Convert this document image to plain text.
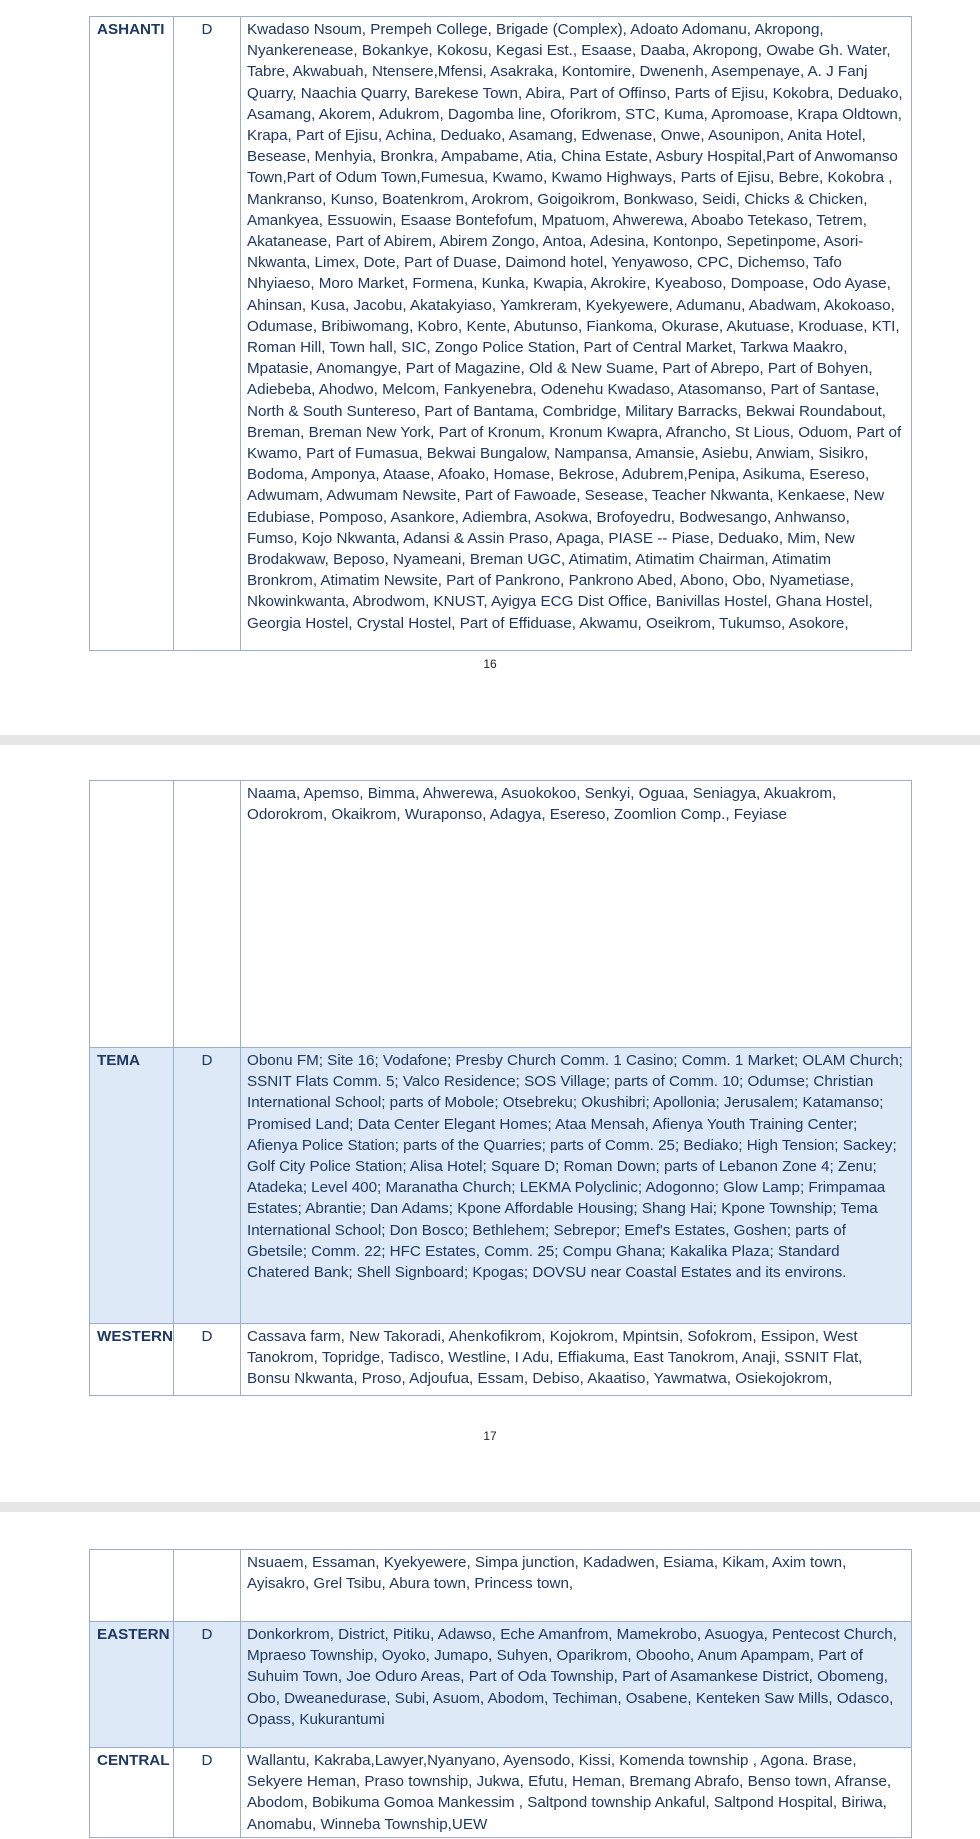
ASHANTI	D	Kwadaso Nsoum, Prempeh College, Brigade (Complex), Adoato Adomanu, Akropong, Nyankerenease, Bokankye, Kokosu, Kegasi Est., Esaase, Daaba, Akropong, Owabe Gh. Water, Tabre, Akwabuah, Ntensere,Mfensi, Asakraka, Kontomire, Dwenenh, Asempenaye, A. J Fanj Quarry, Naachia Quarry, Barekese Town, Abira, Part of Offinso, Parts of Ejisu, Kokobra, Deduako, Asamang, Akorem, Adukrom, Dagomba line, Oforikrom, STC, Kuma, Apromoase, Krapa Oldtown, Krapa, Part of Ejisu, Achina, Deduako, Asamang, Edwenase, Onwe, Asounipon, Anita Hotel, Besease, Menhyia, Bronkra, Ampabame, Atia, China Estate, Asbury Hospital,Part of Anwomanso Town,Part of Odum Town,Fumesua, Kwamo, Kwamo Highways, Parts of Ejisu, Bebre, Kokobra , Mankranso, Kunso, Boatenkrom, Arokrom, Goigoikrom, Bonkwaso, Seidi, Chicks & Chicken, Amankyea, Essuowin, Esaase Bontefofum, Mpatuom, Ahwerewa, Aboabo Tetekaso, Tetrem, Akatanease, Part of Abirem, Abirem Zongo, Antoa, Adesina, Kontonpo, Sepetinpome, Asori-Nkwanta, Limex, Dote, Part of Duase, Daimond hotel, Yenyawoso, CPC, Dichemso, Tafo Nhyiaeso, Moro Market, Formena, Kunka, Kwapia, Akrokire, Kyeaboso, Dompoase, Odo Ayase, Ahinsan, Kusa, Jacobu, Akatakyiaso, Yamkreram, Kyekyewere, Adumanu, Abadwam, Akokoaso, Odumase, Bribiwomang, Kobro, Kente, Abutunso, Fiankoma, Okurase, Akutuase, Kroduase, KTI, Roman Hill, Town hall, SIC, Zongo Police Station, Part of Central Market, Tarkwa Maakro, Mpatasie, Anomangye, Part of Magazine, Old & New Suame, Part of Abrepo, Part of Bohyen, Adiebeba, Ahodwo, Melcom, Fankyenebra, Odenehu Kwadaso, Atasomanso, Part of Santase, North & South Suntereso, Part of Bantama, Combridge, Military Barracks, Bekwai Roundabout, Breman, Breman New York, Part of Kronum, Kronum Kwapra, Afrancho, St Lious, Oduom, Part of Kwamo, Part of Fumasua, Bekwai Bungalow, Nampansa, Amansie, Asiebu, Anwiam, Sisikro, Bodoma, Amponya, Ataase, Afoako, Homase, Bekrose, Adubrem,Penipa, Asikuma, Esereso, Adwumam, Adwumam Newsite, Part of Fawoade, Sesease, Teacher Nkwanta, Kenkaese, New Edubiase, Pomposo, Asankore, Adiembra, Asokwa, Brofoyedru, Bodwesango, Anhwanso, Fumso, Kojo Nkwanta, Adansi & Assin Praso, Apaga, PIASE -- Piase, Deduako, Mim, New Brodakwaw, Beposo, Nyameani, Breman UGC, Atimatim, Atimatim Chairman, Atimatim Bronkrom, Atimatim Newsite, Part of Pankrono, Pankrono Abed, Abono, Obo, Nyametiase, Nkowinkwanta, Abrodwom, KNUST, Ayigya ECG Dist Office, Banivillas Hostel, Ghana Hostel, Georgia Hostel, Crystal Hostel, Part of Effiduase, Akwamu, Oseikrom, Tukumso, Asokore,
16
		Naama, Apemso, Bimma, Ahwerewa, Asuokokoo, Senkyi, Oguaa, Seniagya, Akuakrom, Odorokrom, Okaikrom, Wuraponso, Adagya, Esereso, Zoomlion Comp., Feyiase
TEMA	D	Obonu FM; Site 16; Vodafone; Presby Church Comm. 1 Casino; Comm. 1 Market; OLAM Church; SSNIT Flats Comm. 5; Valco Residence; SOS Village; parts of Comm. 10; Odumse; Christian International School; parts of Mobole; Otsebreku; Okushibri; Apollonia; Jerusalem; Katamanso; Promised Land; Data Center Elegant Homes; Ataa Mensah, Afienya Youth Training Center; Afienya Police Station; parts of the Quarries; parts of Comm. 25; Bediako; High Tension; Sackey; Golf City Police Station; Alisa Hotel; Square D; Roman Down; parts of Lebanon Zone 4; Zenu; Atadeka; Level 400; Maranatha Church; LEKMA Polyclinic; Adogonno; Glow Lamp; Frimpamaa Estates; Abrantie; Dan Adams; Kpone Affordable Housing; Shang Hai; Kpone Township; Tema International School; Don Bosco; Bethlehem; Sebrepor; Emef's Estates, Goshen; parts of Gbetsile; Comm. 22; HFC Estates, Comm. 25; Compu Ghana; Kakalika Plaza; Standard Chatered Bank; Shell Signboard; Kpogas; DOVSU near Coastal Estates and its environs.
WESTERN	D	Cassava farm, New Takoradi, Ahenkofikrom, Kojokrom, Mpintsin, Sofokrom, Essipon, West Tanokrom, Topridge, Tadisco, Westline, I Adu, Effiakuma, East Tanokrom, Anaji, SSNIT Flat, Bonsu Nkwanta, Proso, Adjoufua, Essam, Debiso, Akaatiso, Yawmatwa, Osiekojokrom,
17
		Nsuaem, Essaman, Kyekyewere, Simpa junction, Kadadwen, Esiama, Kikam, Axim town, Ayisakro, Grel Tsibu, Abura town, Princess town,
EASTERN	D	Donkorkrom, District, Pitiku, Adawso, Eche Amanfrom, Mamekrobo, Asuogya, Pentecost Church, Mpraeso Township, Oyoko, Jumapo, Suhyen, Oparikrom, Obooho, Anum Apampam, Part of Suhuim Town, Joe Oduro Areas, Part of Oda Township, Part of Asamankese District, Obomeng, Obo, Dweanedurase, Subi, Asuom, Abodom, Techiman, Osabene, Kenteken Saw Mills, Odasco, Opass, Kukurantumi
CENTRAL	D	Wallantu, Kakraba,Lawyer,Nyanyano, Ayensodo, Kissi, Komenda township , Agona. Brase, Sekyere Heman, Praso township, Jukwa, Efutu, Heman, Bremang Abrafo, Benso town, Afranse, Abodom, Bobikuma Gomoa Mankessim , Saltpond township Ankaful, Saltpond Hospital, Biriwa, Anomabu, Winneba Township,UEW
